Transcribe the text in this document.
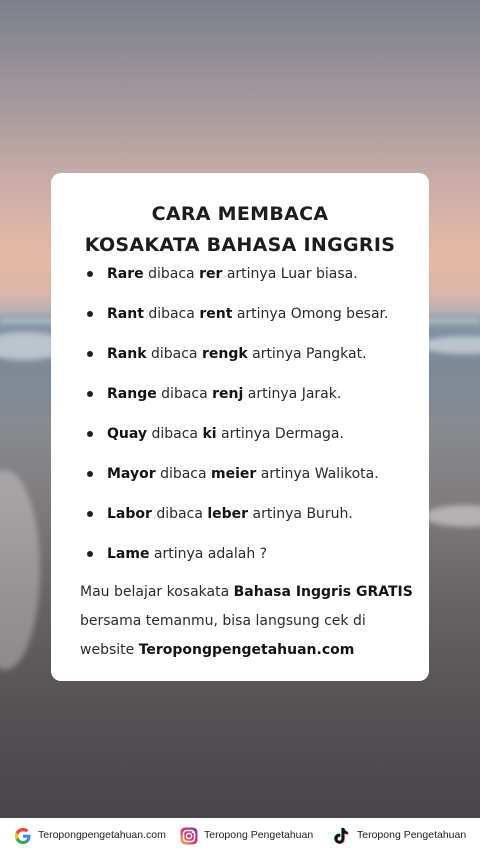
CARA MEMBACA
KOSAKATA BAHASA INGGRIS
Rare dibaca rer artinya Luar biasa.
Rant dibaca rent artinya Omong besar.
Rank dibaca rengk artinya Pangkat.
Range dibaca renj artinya Jarak.
Quay dibaca ki artinya Dermaga.
Mayor dibaca meier artinya Walikota.
Labor dibaca leber artinya Buruh.
Lame artinya adalah ?
Mau belajar kosakata Bahasa Inggris GRATIS
bersama temanmu, bisa langsung cek di
website Teropongpengetahuan.com
Teropongpengetahuan.com	Teropong Pengetahuan	Teropong Pengetahuan
